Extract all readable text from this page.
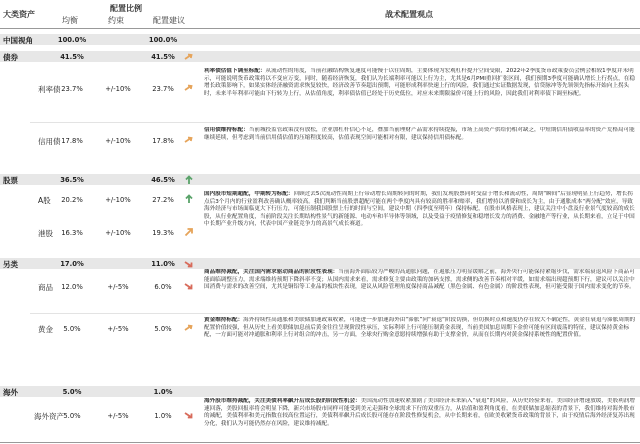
大类资产
配置比例
均衡	约束	配置建议
战术配置观点
中国视角	100.0%	100.0%
债券	41.5%	41.5%
利率债 23.7%	+/-10%	23.7%
利率债估值下调至标配：从流动性的角度，当前社融结构恢复速度可能慢于以往周期，主要体现为宏观杠杆提升空间受限，2022年2季度货币政策委员会例会相较1季度并未明示，可能说明货币政策将以不变应万变，同时，随着经济恢复，我们认为长端利率可能以上行为主，尤其是6月PMI重回扩张区间，我们预期3季度可能确认增长上行拐点，在稳增长政策影响下，如果实体经济融资需求恢复较快，经济改善节奏超出预期，可能形成利率快速上行的风险，我们通过实证数据发现，信贷脉冲等先领领先指标开始向上拐头时，未来半年利率可能由下行转为上行，从估值角度，利率债估值已经处于历史低位，对应未来期限溢价可能上行的风险，因此我们对利率债下调至标配。
信用债 17.8%	+/-10%	17.8%
信用债维持标配：当前城投监管政策没有放松，企业加杠杆信心不足，叠加当前理财产品需求持续提振，市场上高资产供给仍相对缺乏，中短期信用债收益率的资产荒格局可能继续延续，但考虑到当前信用债估值的压缩程度较高，估值表现空间可能相对有限，建议保持信用债标配。
股票	36.5%	46.5%
A股	20.2%	+/-10%	27.2%
港股	16.3%	+/-10%	19.3%
国内股市短期超配，中期转为标配：回顾过去5次流动性周期上行带动增长周期转向的时期，我们发现股票同时受益于增长和流动性，周期“瞬间”后显现明显上行趋势，增长拐点后3个月内的行业盈利改善确认概率较高。我们判断当前股票超配可能在两个季度内具有较高的胜率和赔率，我们增持以消费和成长为主，由于通胀成本“两分配”效应，导致海外经济与市场面临更大下行压力，可能压制我国股票上行的时间与空间，建议中期（四季度至明年）保持标配，在股市风格表现上，建议关注中小盘及行业景气度较高的成长股，从行业配置角度，当前阶段关注长期结构性景气的新能源、电动车和半导体等领域，以及受益于疫情修复和稳增长发力的消费、金融地产等行业，从长期来看，立足于中国中长期产业升级方向，代表中国产业链竞争力的高景气成长赛道。
另类	17.0%	11.0%
商品	12.0%	+/-5%	6.0%
商品维持减配，关注国内需求驱动商品的阶段性表现：当前海外面临较为严峻的高通胀问题，在遏胀压力明显缓解之前，海外央行可能保持紧缩步伐，需求端衰退风险下商品可能面临调整压力，需求端维持预期下降斜率不变；从国内需求来看，需求修复主要由政策的加码支撑，需求侧的改善节奏相对平缓，如需求端出现超预期下行，建议可以关注中国消费与需求的改善空间，尤其是铜铝等工业品的板块性表现，建议从风险管理角度保持商品减配（黑色金属、有色金属）的阶段性表现，但可能受限于国内需求变化的节奏。
黄金	5.0%	+/-5%	5.0%
黄金维持标配：海外持续性高通胀和美联储加速政策收紧，可能进一步加速海外由“滞胀”向“衰退”阶段切换，但切换时点和速度仍存在较大不确定性，黄金在衰退与滞胀周期的配置价值较强，但从历史上看美联储加息前后黄金往往呈现阶段性承压，实际利率上行可能压制黄金表现，当前美国加息周期下金价可能有区间震荡的特征，建议保持黄金标配，一方面可能对冲通胀和利率上行对组合的冲击，另一方面，全球央行购金意愿持续增强有助于支撑金价，从而在长期内对黄金保持系统性的配置价值。
海外	5.0%	1.0%
海外资产 5.0%	+/-5%	1.0%
海外股市维持减配，关注美债利率飙升后成长股的阶段性机会：美国流动性加速收紧加剧了美国经济未来陷入“衰退”的风险，从历史经验来看，美国经济增速放缓，美股利润增速回落，美股回报率将会明显下降，新兴市场股市同样可能受到美元走强和全球需求下行的双重压力，从估值和盈利角度看，在美联储加息缩表的背景下，我们维持对海外股市的减配，美债利率和美元指数在较高位置运行，美债利率飙升后成长股可能存在阶段性修复机会，从中长期来看，在欧美收紧货币政策的背景下，由于疫情后海外经济复苏出现分化，我们认为可能仍然存在风险，建议维持减配。
